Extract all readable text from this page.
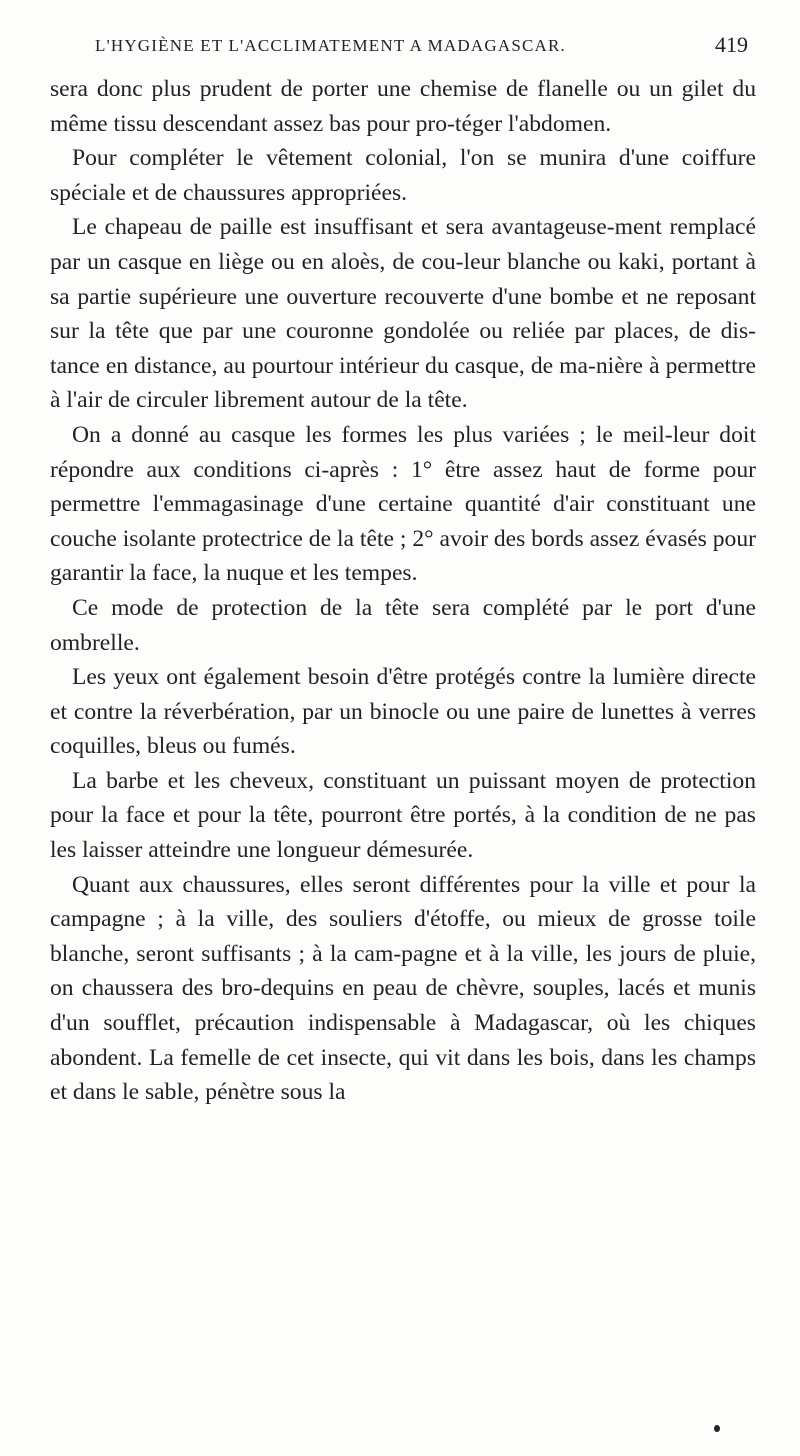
L'HYGIÈNE ET L'ACCLIMATEMENT A MADAGASCAR.	419

sera donc plus prudent de porter une chemise de flanelle ou un gilet du même tissu descendant assez bas pour pro-téger l'abdomen.

Pour compléter le vêtement colonial, l'on se munira d'une coiffure spéciale et de chaussures appropriées.

Le chapeau de paille est insuffisant et sera avantageuse-ment remplacé par un casque en liège ou en aloès, de cou-leur blanche ou kaki, portant à sa partie supérieure une ouverture recouverte d'une bombe et ne reposant sur la tête que par une couronne gondolée ou reliée par places, de dis-tance en distance, au pourtour intérieur du casque, de ma-nière à permettre à l'air de circuler librement autour de la tête.

On a donné au casque les formes les plus variées ; le meil-leur doit répondre aux conditions ci-après : 1° être assez haut de forme pour permettre l'emmagasinage d'une certaine quantité d'air constituant une couche isolante protectrice de la tête ; 2° avoir des bords assez évasés pour garantir la face, la nuque et les tempes.

Ce mode de protection de la tête sera complété par le port d'une ombrelle.

Les yeux ont également besoin d'être protégés contre la lumière directe et contre la réverbération, par un binocle ou une paire de lunettes à verres coquilles, bleus ou fumés.

La barbe et les cheveux, constituant un puissant moyen de protection pour la face et pour la tête, pourront être portés, à la condition de ne pas les laisser atteindre une longueur démesurée.

Quant aux chaussures, elles seront différentes pour la ville et pour la campagne ; à la ville, des souliers d'étoffe, ou mieux de grosse toile blanche, seront suffisants ; à la cam-pagne et à la ville, les jours de pluie, on chaussera des bro-dequins en peau de chèvre, souples, lacés et munis d'un soufflet, précaution indispensable à Madagascar, où les chiques abondent. La femelle de cet insecte, qui vit dans les bois, dans les champs et dans le sable, pénètre sous la
